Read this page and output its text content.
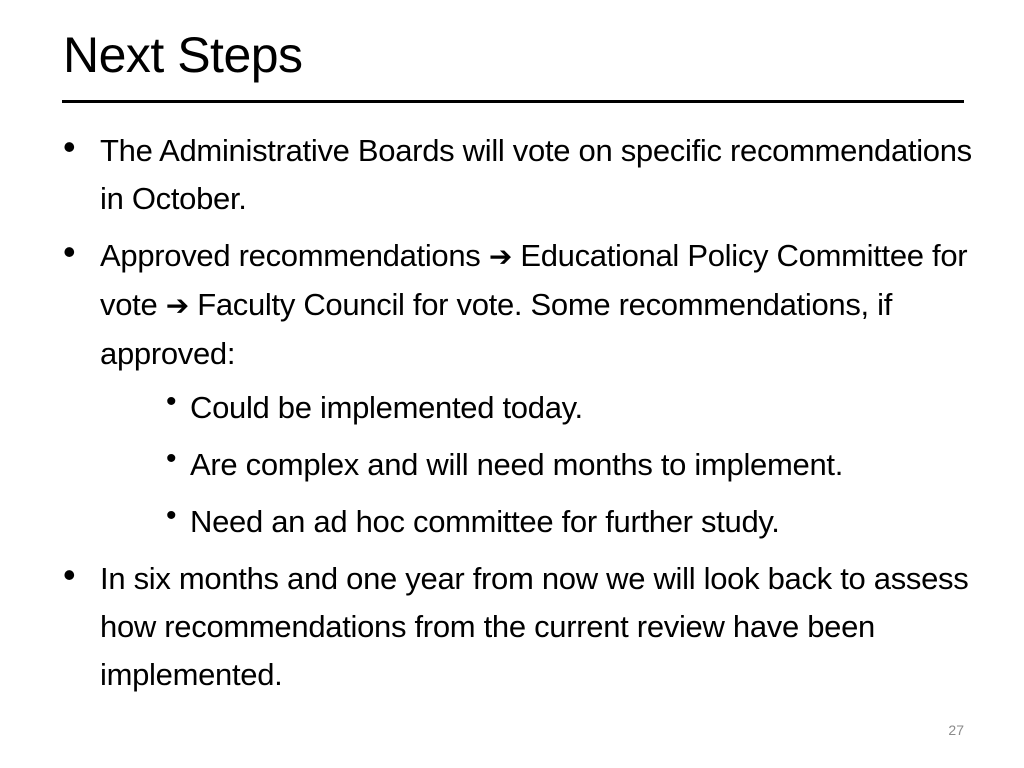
Next Steps
• The Administrative Boards will vote on specific recommendations in October.
• Approved recommendations ➔ Educational Policy Committee for vote ➔ Faculty Council for vote. Some recommendations, if approved:
• Could be implemented today.
• Are complex and will need months to implement.
• Need an ad hoc committee for further study.
• In six months and one year from now we will look back to assess how recommendations from the current review have been implemented.
27
